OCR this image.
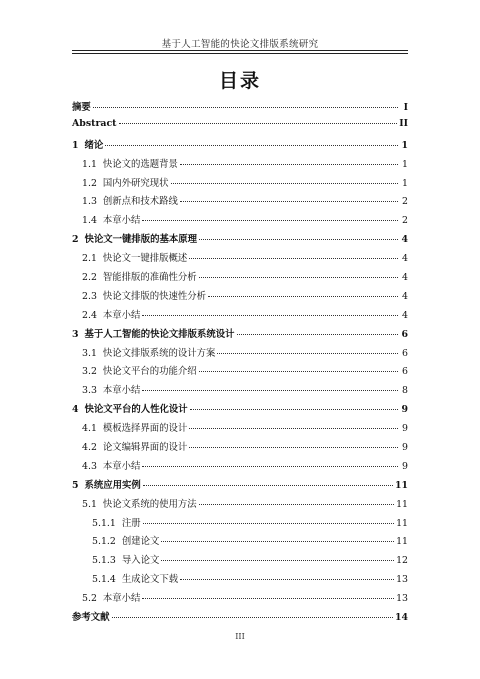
基于人工智能的快论文排版系统研究
目录
摘要	I
Abstract	II
1 绪论	1
1.1 快论文的选题背景	1
1.2 国内外研究现状	1
1.3 创新点和技术路线	2
1.4 本章小结	2
2 快论文一键排版的基本原理	4
2.1 快论文一键排版概述	4
2.2 智能排版的准确性分析	4
2.3 快论文排版的快速性分析	4
2.4 本章小结	4
3 基于人工智能的快论文排版系统设计	6
3.1 快论文排版系统的设计方案	6
3.2 快论文平台的功能介绍	6
3.3 本章小结	8
4 快论文平台的人性化设计	9
4.1 模板选择界面的设计	9
4.2 论文编辑界面的设计	9
4.3 本章小结	9
5 系统应用实例	11
5.1 快论文系统的使用方法	11
5.1.1 注册	11
5.1.2 创建论文	11
5.1.3 导入论文	12
5.1.4 生成论文下载	13
5.2 本章小结	13
参考文献	14
III
